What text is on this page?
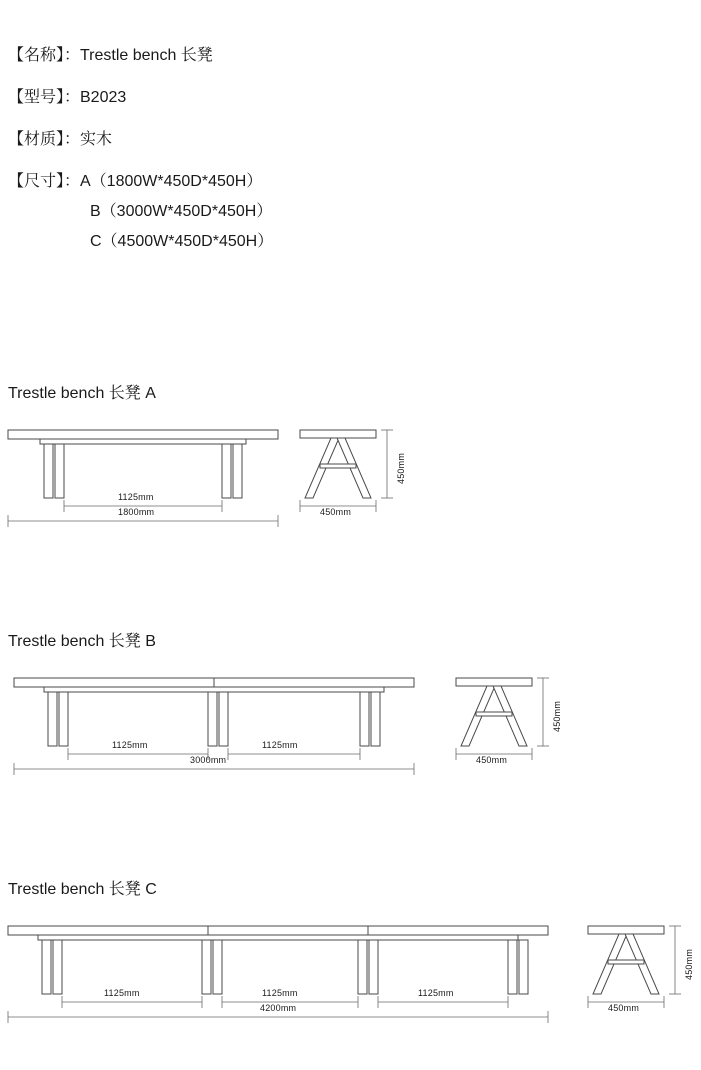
【名称】：Trestle bench 长凳
【型号】：B2023
【材质】：实木
【尺寸】：A（1800W*450D*450H）
B（3000W*450D*450H）
C（4500W*450D*450H）
Trestle bench 长凳 A
1125mm
1800mm
450mm
450mm
Trestle bench 长凳 B
1125mm	1125mm
3000mm
450mm
450mm
Trestle bench 长凳 C
1125mm	1125mm	1125mm
4200mm
450mm
450mm
